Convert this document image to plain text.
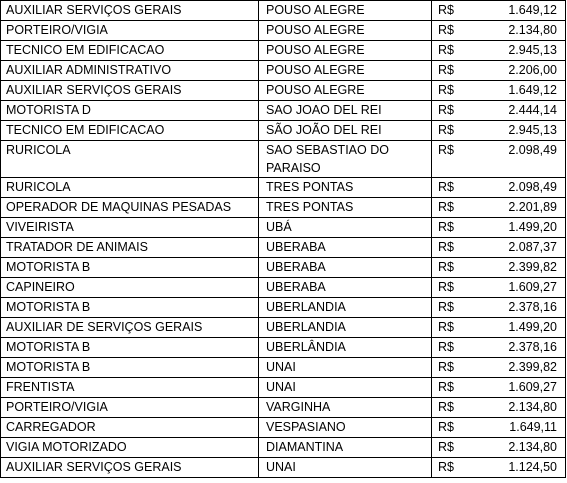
AUXILIAR SERVIÇOS GERAIS	POUSO ALEGRE	R$ 1.649,12

PORTEIRO/VIGIA	POUSO ALEGRE	R$ 2.134,80

TECNICO EM EDIFICACAO	POUSO ALEGRE	R$ 2.945,13

AUXILIAR ADMINISTRATIVO	POUSO ALEGRE	R$ 2.206,00

AUXILIAR SERVIÇOS GERAIS	POUSO ALEGRE	R$ 1.649,12

MOTORISTA D	SAO JOAO DEL REI	R$ 2.444,14

TECNICO EM EDIFICACAO	SÃO JOÃO DEL REI	R$ 2.945,13

RURICOLA	SAO SEBASTIAO DO PARAISO	R$ 2.098,49

RURICOLA	TRES PONTAS	R$ 2.098,49

OPERADOR DE MAQUINAS PESADAS	TRES PONTAS	R$ 2.201,89

VIVEIRISTA	UBÁ	R$ 1.499,20

TRATADOR DE ANIMAIS	UBERABA	R$ 2.087,37

MOTORISTA B	UBERABA	R$ 2.399,82

CAPINEIRO	UBERABA	R$ 1.609,27

MOTORISTA B	UBERLANDIA	R$ 2.378,16

AUXILIAR DE SERVIÇOS GERAIS	UBERLANDIA	R$ 1.499,20

MOTORISTA B	UBERLÂNDIA	R$ 2.378,16

MOTORISTA B	UNAI	R$ 2.399,82

FRENTISTA	UNAI	R$ 1.609,27

PORTEIRO/VIGIA	VARGINHA	R$ 2.134,80

CARREGADOR	VESPASIANO	R$ 1.649,11

VIGIA MOTORIZADO	DIAMANTINA	R$ 2.134,80

AUXILIAR SERVIÇOS GERAIS	UNAI	R$ 1.124,50
